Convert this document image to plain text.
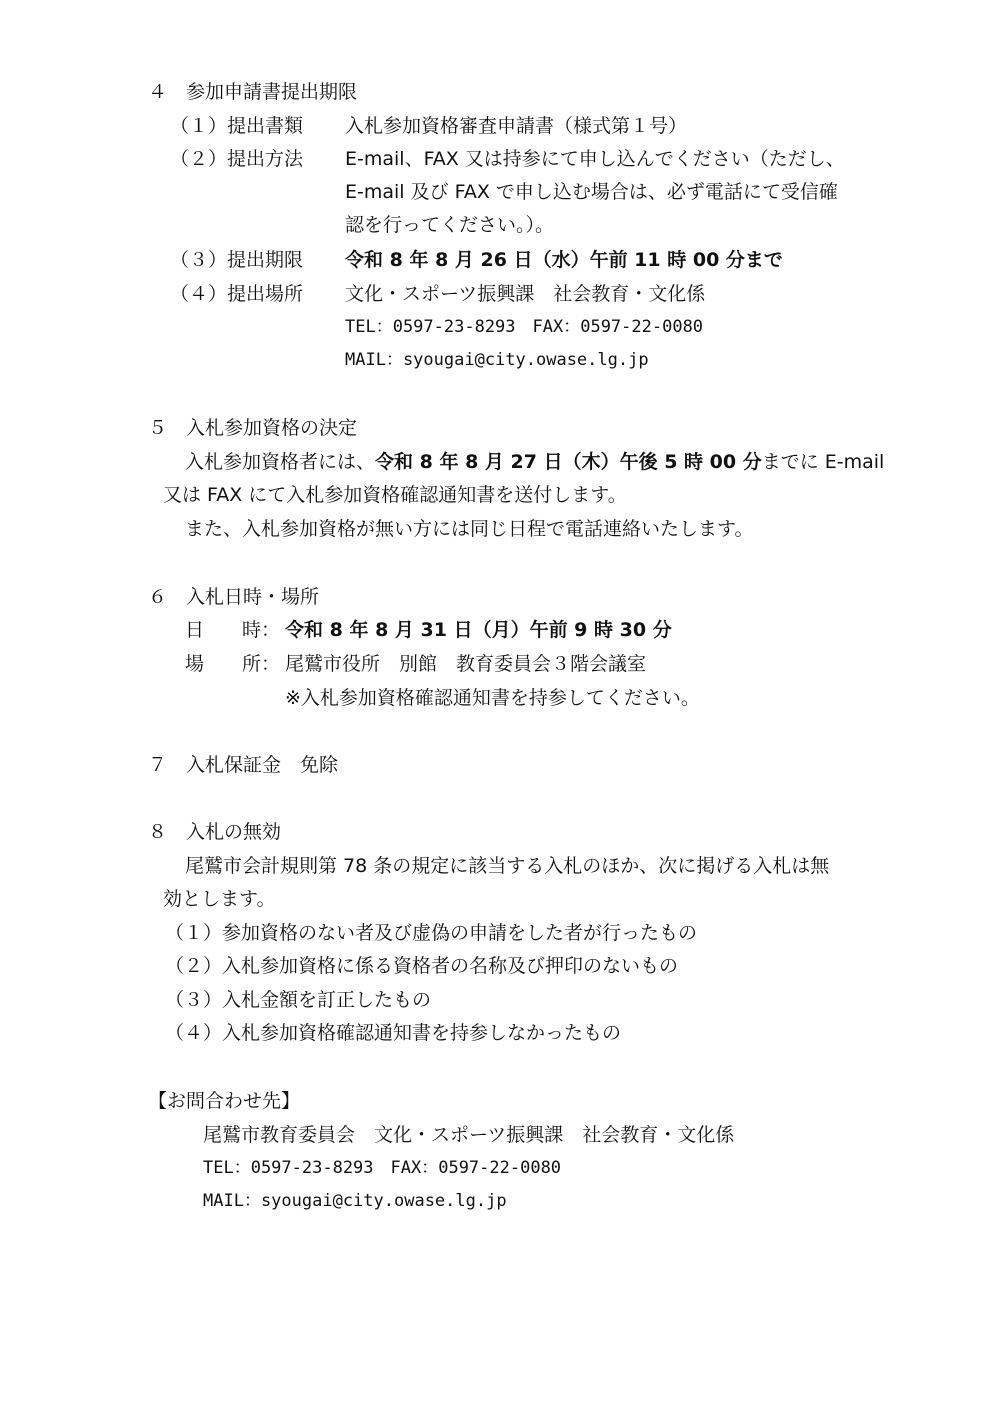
４　参加申請書提出期限
（１）提出書類 入札参加資格審査申請書（様式第１号）
（２）提出方法 E-mail、FAX 又は持参にて申し込んでください（ただし、
E-mail 及び FAX で申し込む場合は、必ず電話にて受信確
認を行ってください。）。
（３）提出期限 令和 8 年 8 月 26 日（水）午前 11 時 00 分まで
（４）提出場所 文化・スポーツ振興課　社会教育・文化係
TEL：0597-23-8293　FAX：0597-22-0080
MAIL：syougai@city.owase.lg.jp
５　入札参加資格の決定
入札参加資格者には、令和 8 年 8 月 27 日（木）午後 5 時 00 分までに E-mail
又は FAX にて入札参加資格確認通知書を送付します。
また、入札参加資格が無い方には同じ日程で電話連絡いたします。
６　入札日時・場所
日　　時： 令和 8 年 8 月 31 日（月）午前 9 時 30 分
場　　所： 尾鷲市役所　別館　教育委員会３階会議室
※入札参加資格確認通知書を持参してください。
７　入札保証金　免除
８　入札の無効
尾鷲市会計規則第 78 条の規定に該当する入札のほか、次に掲げる入札は無
効とします。
（１）参加資格のない者及び虚偽の申請をした者が行ったもの
（２）入札参加資格に係る資格者の名称及び押印のないもの
（３）入札金額を訂正したもの
（４）入札参加資格確認通知書を持参しなかったもの
【お問合わせ先】
尾鷲市教育委員会　文化・スポーツ振興課　社会教育・文化係
TEL：0597-23-8293　FAX：0597-22-0080
MAIL：syougai@city.owase.lg.jp
